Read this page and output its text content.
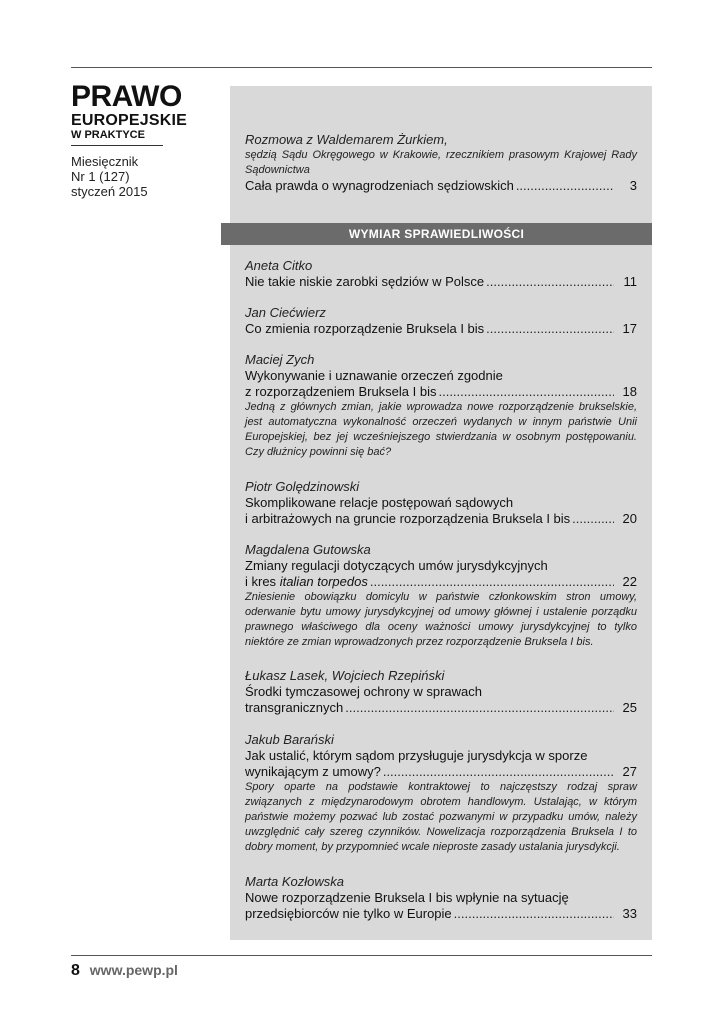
PRAWO
EUROPEJSKIE
W PRAKTYCE
Miesięcznik
Nr 1 (127)
styczeń 2015
Rozmowa z Waldemarem Żurkiem,
sędzią Sądu Okręgowego w Krakowie, rzecznikiem prasowym Krajowej Rady Sądownictwa
Cała prawda o wynagrodzeniach sędziowskich .....	3
WYMIAR SPRAWIEDLIWOŚCI
Aneta Citko
Nie takie niskie zarobki sędziów w Polsce .....	11
Jan Ciećwierz
Co zmienia rozporządzenie Bruksela I bis .....	17
Maciej Zych
Wykonywanie i uznawanie orzeczeń zgodnie
z rozporządzeniem Bruksela I bis .....	18
Jedną z głównych zmian, jakie wprowadza nowe rozporządzenie brukselskie, jest automatyczna wykonalność orzeczeń wydanych w innym państwie Unii Europejskiej, bez jej wcześniejszego stwierdzania w osobnym postępowaniu. Czy dłużnicy powinni się bać?
Piotr Golędzinowski
Skomplikowane relacje postępowań sądowych
i arbitrażowych na gruncie rozporządzenia Bruksela I bis .....	20
Magdalena Gutowska
Zmiany regulacji dotyczących umów jurysdykcyjnych
i kres italian torpedos .....	22
Zniesienie obowiązku domicylu w państwie członkowskim stron umowy, oderwanie bytu umowy jurysdykcyjnej od umowy głównej i ustalenie porządku prawnego właściwego dla oceny ważności umowy jurysdykcyjnej to tylko niektóre ze zmian wprowadzonych przez rozporządzenie Bruksela I bis.
Łukasz Lasek, Wojciech Rzepiński
Środki tymczasowej ochrony w sprawach
transgranicznych .....	25
Jakub Barański
Jak ustalić, którym sądom przysługuje jurysdykcja w sporze
wynikającym z umowy? .....	27
Spory oparte na podstawie kontraktowej to najczęstszy rodzaj spraw związanych z międzynarodowym obrotem handlowym. Ustalając, w którym państwie możemy pozwać lub zostać pozwanymi w przypadku umów, należy uwzględnić cały szereg czynników. Nowelizacja rozporządzenia Bruksela I to dobry moment, by przypomnieć wcale nieproste zasady ustalania jurysdykcji.
Marta Kozłowska
Nowe rozporządzenie Bruksela I bis wpłynie na sytuację
przedsiębiorców nie tylko w Europie .....	33
8 www.pewp.pl
